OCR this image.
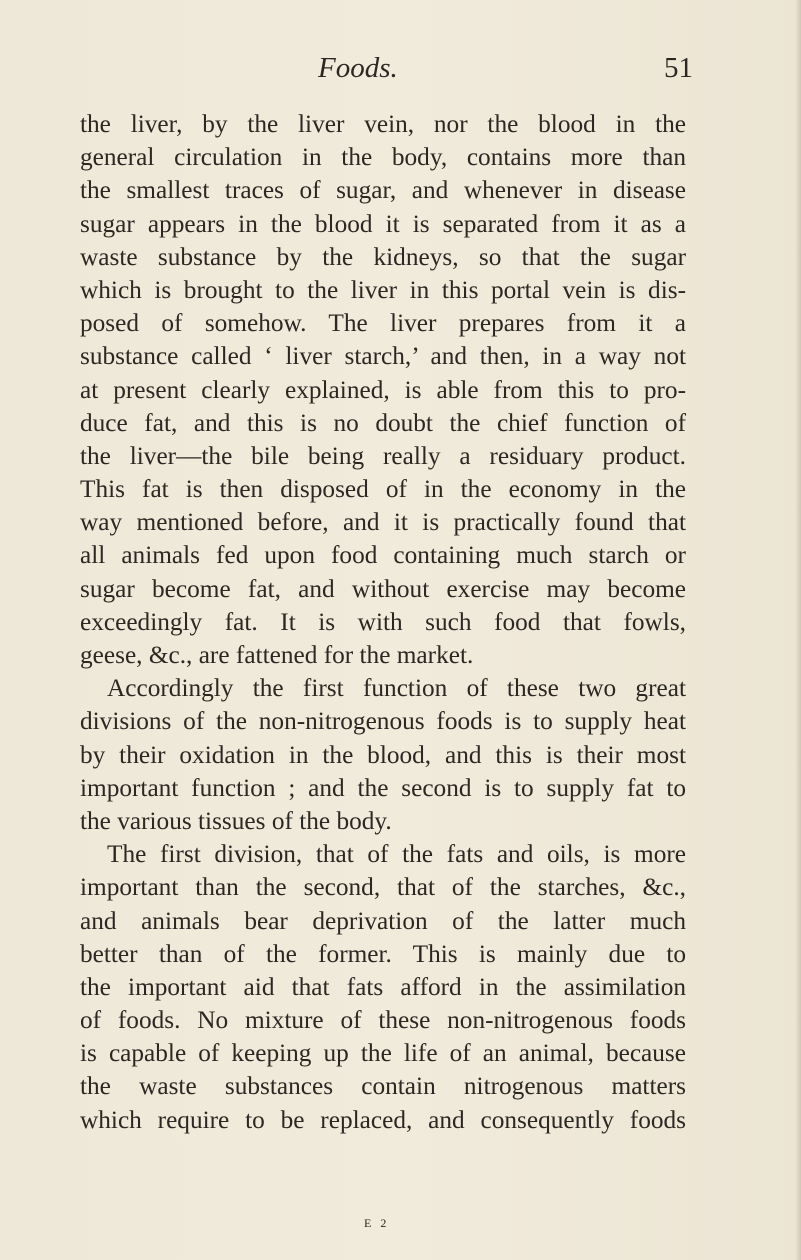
Foods.	51
the liver, by the liver vein, nor the blood in the
general circulation in the body, contains more than
the smallest traces of sugar, and whenever in disease
sugar appears in the blood it is separated from it as a
waste substance by the kidneys, so that the sugar
which is brought to the liver in this portal vein is dis-
posed of somehow. The liver prepares from it a
substance called ‘ liver starch,’ and then, in a way not
at present clearly explained, is able from this to pro-
duce fat, and this is no doubt the chief function of
the liver—the bile being really a residuary product.
This fat is then disposed of in the economy in the
way mentioned before, and it is practically found that
all animals fed upon food containing much starch or
sugar become fat, and without exercise may become
exceedingly fat. It is with such food that fowls,
geese, &c., are fattened for the market.
Accordingly the first function of these two great
divisions of the non-nitrogenous foods is to supply heat
by their oxidation in the blood, and this is their most
important function ; and the second is to supply fat to
the various tissues of the body.
The first division, that of the fats and oils, is more
important than the second, that of the starches, &c.,
and animals bear deprivation of the latter much
better than of the former. This is mainly due to
the important aid that fats afford in the assimilation
of foods. No mixture of these non-nitrogenous foods
is capable of keeping up the life of an animal, because
the waste substances contain nitrogenous matters
which require to be replaced, and consequently foods
E 2
